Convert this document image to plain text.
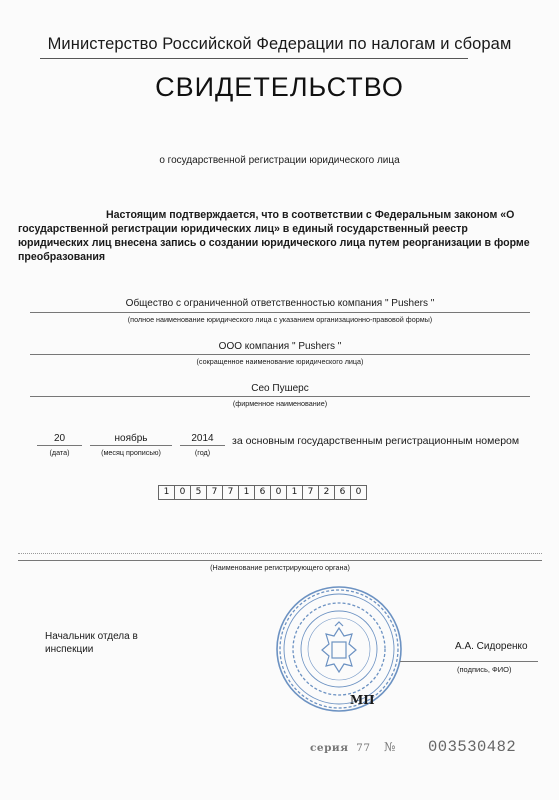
Министерство Российской Федерации по налогам и сборам
СВИДЕТЕЛЬСТВО
о государственной регистрации юридического лица
Настоящим подтверждается, что в соответствии с Федеральным законом «О государственной регистрации юридических лиц» в единый государственный реестр юридических лиц внесена запись о создании юридического лица путем реорганизации в форме преобразования
Общество с ограниченной ответственностью компания " Pushers "
(полное наименование юридического лица с указанием организационно-правовой формы)
ООО компания " Pushers "
(сокращенное наименование юридического лица)
Сео Пушерс
(фирменное наименование)
20
(дата)
ноябрь
(месяц прописью)
2014
(год)
за основным государственным регистрационным номером
1	0	5	7	7	1	6	0	1	7	2	6	0
(Наименование регистрирующего органа)
Начальник отдела в
инспекции
МП
А.А. Сидоренко
(подпись, ФИО)
серия 77 № 003530482
